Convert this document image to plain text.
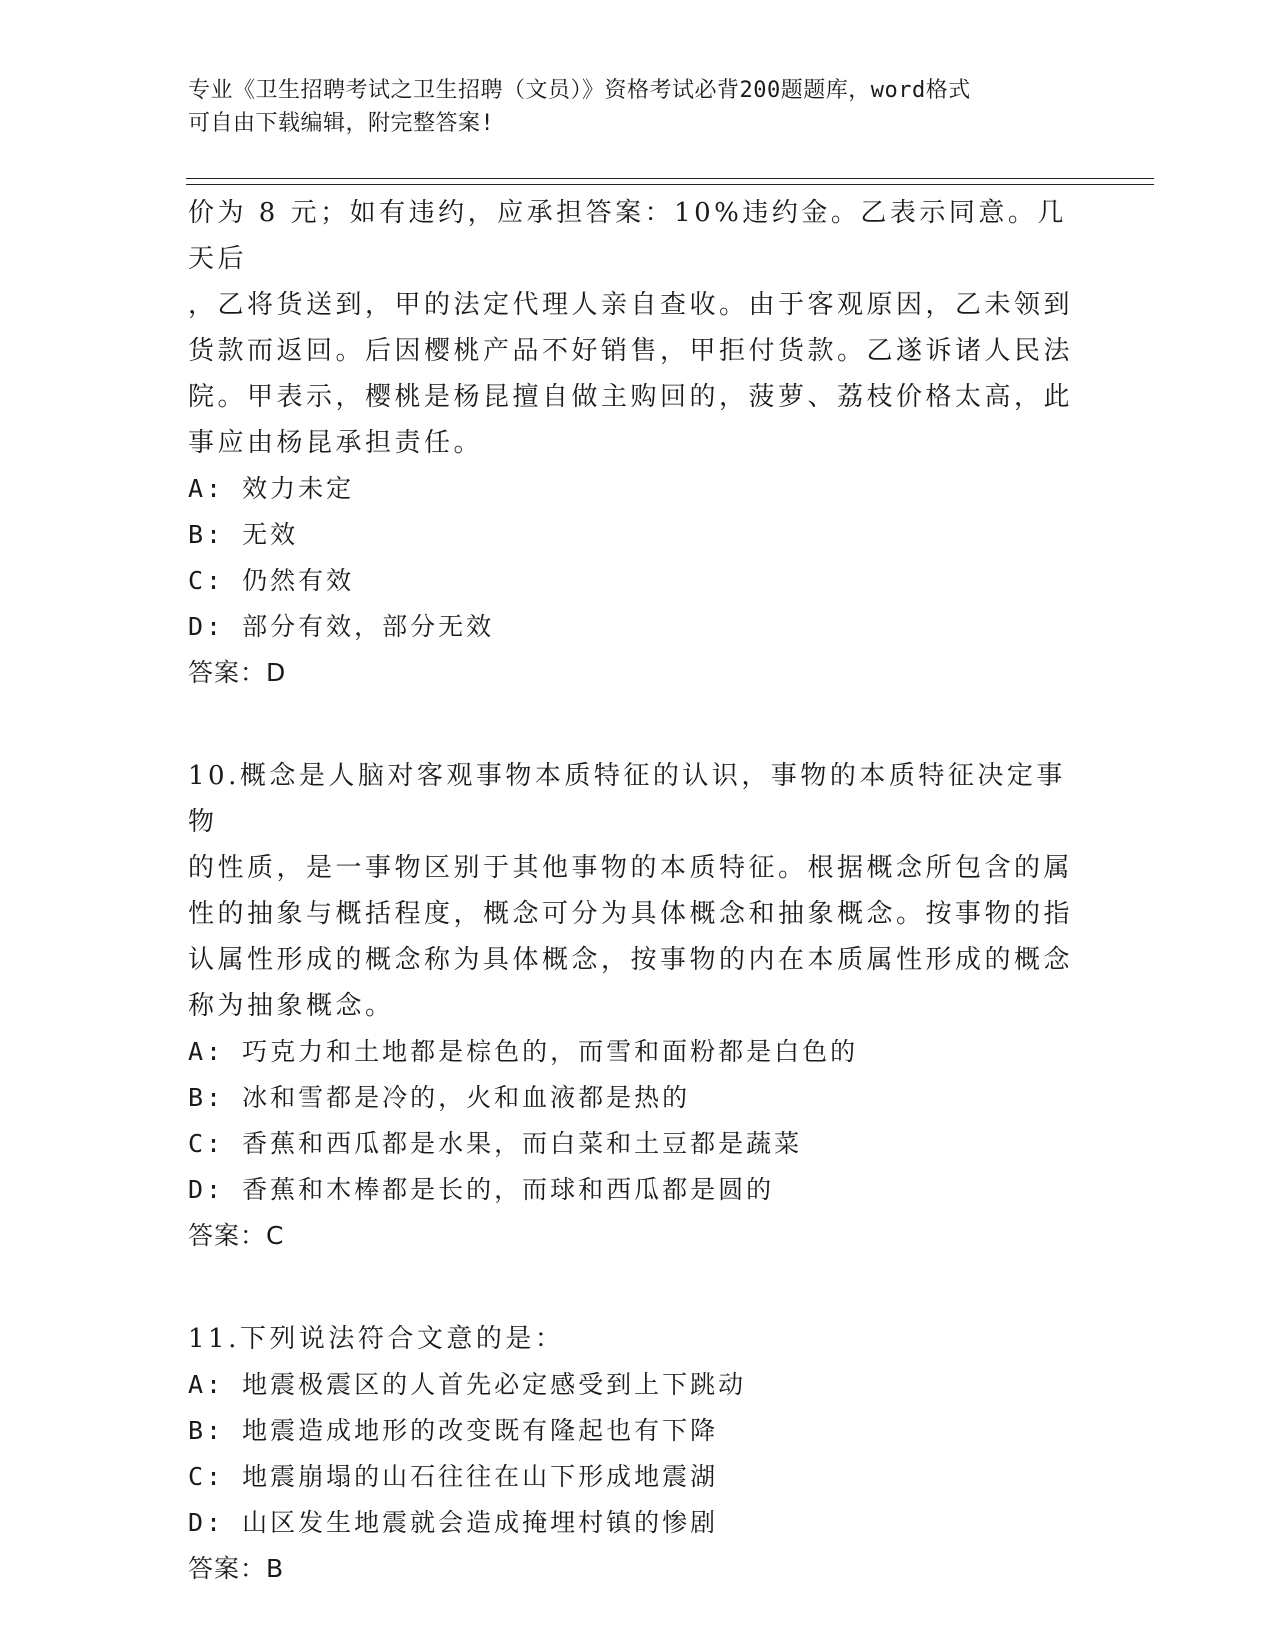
专业《卫生招聘考试之卫生招聘（文员）》资格考试必背200题题库，word格式
可自由下载编辑，附完整答案!

价为 8 元；如有违约，应承担答案：10%违约金。乙表示同意。几天后

，乙将货送到，甲的法定代理人亲自查收。由于客观原因，乙未领到

货款而返回。后因樱桃产品不好销售，甲拒付货款。乙遂诉诸人民法

院。甲表示，樱桃是杨昆擅自做主购回的，菠萝、荔枝价格太高，此

事应由杨昆承担责任。

A: 效力未定

B: 无效

C: 仍然有效

D: 部分有效，部分无效

答案：D

10.概念是人脑对客观事物本质特征的认识，事物的本质特征决定事物

的性质，是一事物区别于其他事物的本质特征。根据概念所包含的属

性的抽象与概括程度，概念可分为具体概念和抽象概念。按事物的指

认属性形成的概念称为具体概念，按事物的内在本质属性形成的概念

称为抽象概念。

A: 巧克力和土地都是棕色的，而雪和面粉都是白色的

B: 冰和雪都是冷的，火和血液都是热的

C: 香蕉和西瓜都是水果，而白菜和土豆都是蔬菜

D: 香蕉和木棒都是长的，而球和西瓜都是圆的

答案：C

11.下列说法符合文意的是：

A: 地震极震区的人首先必定感受到上下跳动

B: 地震造成地形的改变既有隆起也有下降

C: 地震崩塌的山石往往在山下形成地震湖

D: 山区发生地震就会造成掩埋村镇的惨剧

答案：B
